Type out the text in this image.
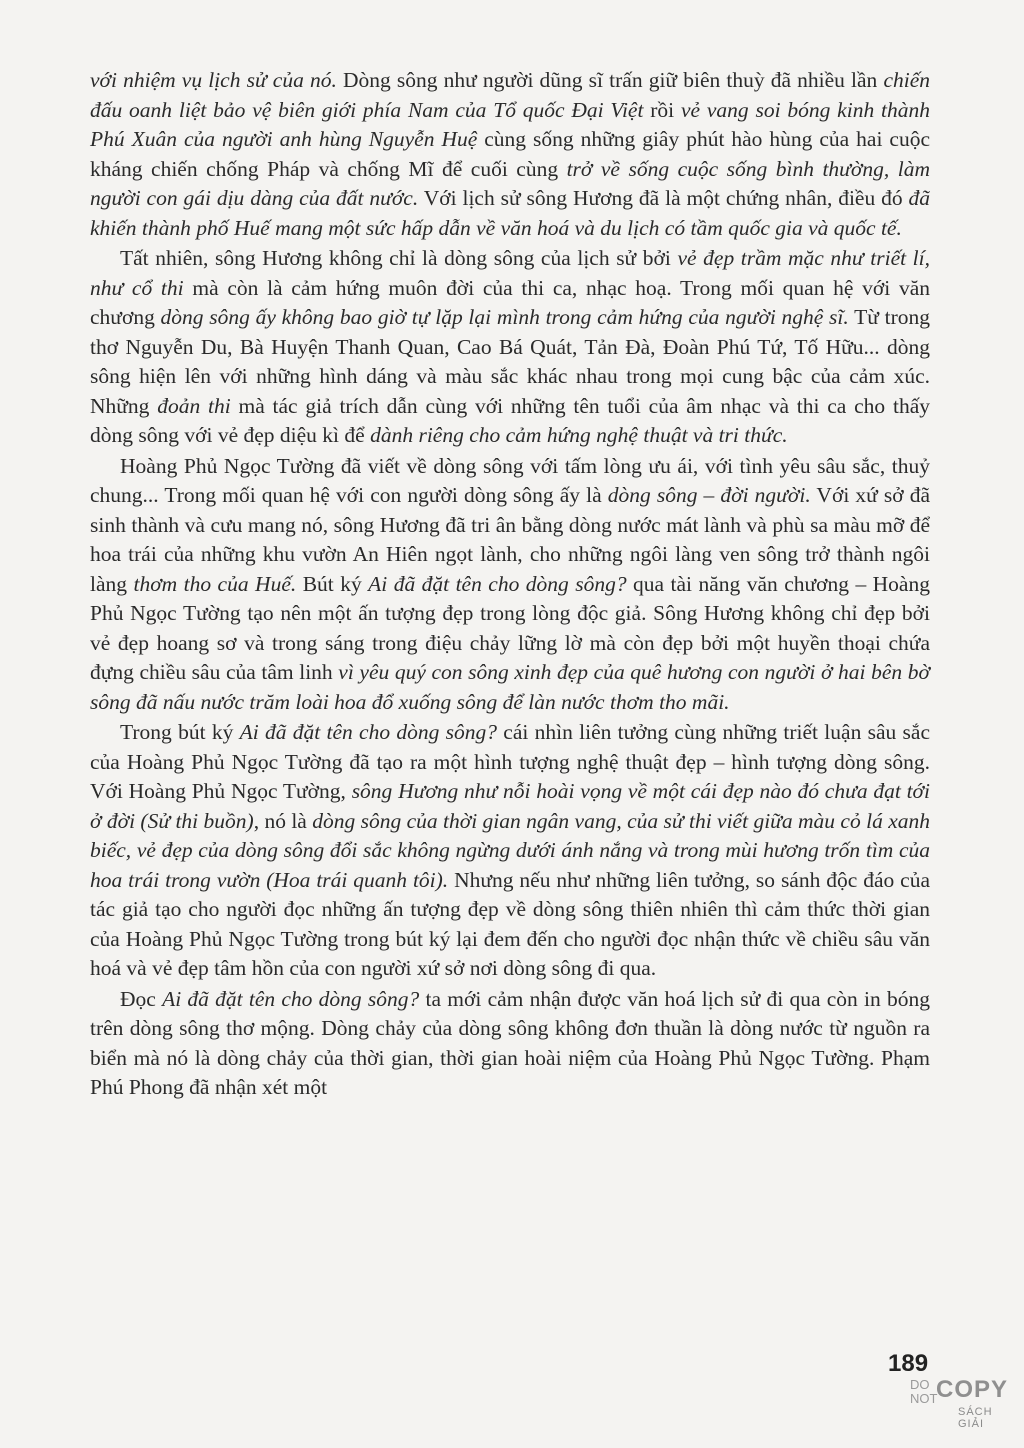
với nhiệm vụ lịch sử của nó. Dòng sông như người dũng sĩ trấn giữ biên thuỳ đã nhiều lần chiến đấu oanh liệt bảo vệ biên giới phía Nam của Tổ quốc Đại Việt rồi vẻ vang soi bóng kinh thành Phú Xuân của người anh hùng Nguyễn Huệ cùng sống những giây phút hào hùng của hai cuộc kháng chiến chống Pháp và chống Mĩ để cuối cùng trở về sống cuộc sống bình thường, làm người con gái dịu dàng của đất nước. Với lịch sử sông Hương đã là một chứng nhân, điều đó đã khiến thành phố Huế mang một sức hấp dẫn về văn hoá và du lịch có tầm quốc gia và quốc tế.

Tất nhiên, sông Hương không chỉ là dòng sông của lịch sử bởi vẻ đẹp trầm mặc như triết lí, như cổ thi mà còn là cảm hứng muôn đời của thi ca, nhạc hoạ. Trong mối quan hệ với văn chương dòng sông ấy không bao giờ tự lặp lại mình trong cảm hứng của người nghệ sĩ. Từ trong thơ Nguyễn Du, Bà Huyện Thanh Quan, Cao Bá Quát, Tản Đà, Đoàn Phú Tứ, Tố Hữu... dòng sông hiện lên với những hình dáng và màu sắc khác nhau trong mọi cung bậc của cảm xúc. Những đoản thi mà tác giả trích dẫn cùng với những tên tuổi của âm nhạc và thi ca cho thấy dòng sông với vẻ đẹp diệu kì để dành riêng cho cảm hứng nghệ thuật và tri thức.

Hoàng Phủ Ngọc Tường đã viết về dòng sông với tấm lòng ưu ái, với tình yêu sâu sắc, thuỷ chung... Trong mối quan hệ với con người dòng sông ấy là dòng sông – đời người. Với xứ sở đã sinh thành và cưu mang nó, sông Hương đã tri ân bằng dòng nước mát lành và phù sa màu mỡ để hoa trái của những khu vườn An Hiên ngọt lành, cho những ngôi làng ven sông trở thành ngôi làng thơm tho của Huế. Bút ký Ai đã đặt tên cho dòng sông? qua tài năng văn chương – Hoàng Phủ Ngọc Tường tạo nên một ấn tượng đẹp trong lòng độc giả. Sông Hương không chỉ đẹp bởi vẻ đẹp hoang sơ và trong sáng trong điệu chảy lững lờ mà còn đẹp bởi một huyền thoại chứa đựng chiều sâu của tâm linh vì yêu quý con sông xinh đẹp của quê hương con người ở hai bên bờ sông đã nấu nước trăm loài hoa đổ xuống sông để làn nước thơm tho mãi.

Trong bút ký Ai đã đặt tên cho dòng sông? cái nhìn liên tưởng cùng những triết luận sâu sắc của Hoàng Phủ Ngọc Tường đã tạo ra một hình tượng nghệ thuật đẹp – hình tượng dòng sông. Với Hoàng Phủ Ngọc Tường, sông Hương như nỗi hoài vọng về một cái đẹp nào đó chưa đạt tới ở đời (Sử thi buồn), nó là dòng sông của thời gian ngân vang, của sử thi viết giữa màu cỏ lá xanh biếc, vẻ đẹp của dòng sông đổi sắc không ngừng dưới ánh nắng và trong mùi hương trốn tìm của hoa trái trong vườn (Hoa trái quanh tôi). Nhưng nếu như những liên tưởng, so sánh độc đáo của tác giả tạo cho người đọc những ấn tượng đẹp về dòng sông thiên nhiên thì cảm thức thời gian của Hoàng Phủ Ngọc Tường trong bút ký lại đem đến cho người đọc nhận thức về chiều sâu văn hoá và vẻ đẹp tâm hồn của con người xứ sở nơi dòng sông đi qua.

Đọc Ai đã đặt tên cho dòng sông? ta mới cảm nhận được văn hoá lịch sử đi qua còn in bóng trên dòng sông thơ mộng. Dòng chảy của dòng sông không đơn thuần là dòng nước từ nguồn ra biển mà nó là dòng chảy của thời gian, thời gian hoài niệm của Hoàng Phủ Ngọc Tường. Phạm Phú Phong đã nhận xét một

189
DO
NOT
COPY
SÁCH GIẢI
